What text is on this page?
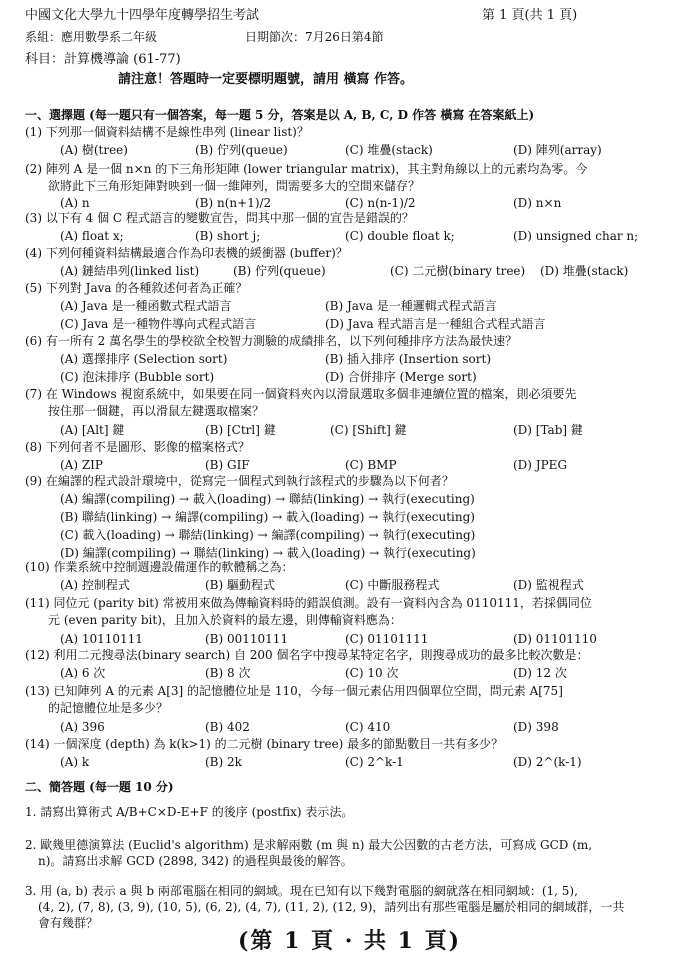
中國文化大學九十四學年度轉學招生考試	第 1 頁(共 1 頁)
系組：應用數學系二年級	日期節次：7月26日第4節
科目：計算機導論 (61-77)
請注意！答題時一定要標明題號，請用 橫寫 作答。
一、選擇題 (每一題只有一個答案，每一題 5 分，答案是以 A, B, C, D 作答 橫寫 在答案紙上)
(1) 下列那一個資料結構不是線性串列 (linear list)？
(A) 樹(tree)	(B) 佇列(queue)	(C) 堆疊(stack)	(D) 陣列(array)
(2) 陣列 A 是一個 n×n 的下三角形矩陣 (lower triangular matrix)，其主對角線以上的元素均為零。今
欲將此下三角形矩陣對映到一個一維陣列，問需要多大的空間來儲存？
(A) n	(B) n(n+1)/2	(C) n(n-1)/2	(D) n×n
(3) 以下有 4 個 C 程式語言的變數宣告，問其中那一個的宣告是錯誤的？
(A) float x;	(B) short j;	(C) double float k;	(D) unsigned char n;
(4) 下列何種資料結構最適合作為印表機的緩衝器 (buffer)？
(A) 鏈結串列(linked list)	(B) 佇列(queue)	(C) 二元樹(binary tree) (D) 堆疊(stack)
(5) 下列對 Java 的各種敘述何者為正確？
(A) Java 是一種函數式程式語言	(B) Java 是一種邏輯式程式語言
(C) Java 是一種物件導向式程式語言	(D) Java 程式語言是一種組合式程式語言
(6) 有一所有 2 萬名學生的學校欲全校智力測驗的成績排名，以下列何種排序方法為最快速？
(A) 選擇排序 (Selection sort)	(B) 插入排序 (Insertion sort)
(C) 泡沫排序 (Bubble sort)	(D) 合併排序 (Merge sort)
(7) 在 Windows 視窗系統中，如果要在同一個資料夾內以滑鼠選取多個非連續位置的檔案，則必須要先
按住那一個鍵，再以滑鼠左鍵選取檔案？
(A) [Alt] 鍵	(B) [Ctrl] 鍵	(C) [Shift] 鍵	(D) [Tab] 鍵
(8) 下列何者不是圖形、影像的檔案格式？
(A) ZIP	(B) GIF	(C) BMP	(D) JPEG
(9) 在編譯的程式設計環境中，從寫完一個程式到執行該程式的步驟為以下何者？
(A) 編譯(compiling) → 載入(loading) → 聯結(linking) → 執行(executing)
(B) 聯結(linking) → 編譯(compiling) → 載入(loading) → 執行(executing)
(C) 載入(loading) → 聯結(linking) → 編譯(compiling) → 執行(executing)
(D) 編譯(compiling) → 聯結(linking) → 載入(loading) → 執行(executing)
(10) 作業系統中控制週邊設備運作的軟體稱之為：
(A) 控制程式	(B) 驅動程式	(C) 中斷服務程式	(D) 監視程式
(11) 同位元 (parity bit) 常被用來做為傳輸資料時的錯誤偵測。設有一資料內含為 0110111，若採偶同位
元 (even parity bit)，且加入於資料的最左邊，則傳輸資料應為：
(A) 10110111	(B) 00110111	(C) 01101111	(D) 01101110
(12) 利用二元搜尋法(binary search) 自 200 個名字中搜尋某特定名字，則搜尋成功的最多比較次數是：
(A) 6 次	(B) 8 次	(C) 10 次	(D) 12 次
(13) 已知陣列 A 的元素 A[3] 的記憶體位址是 110，今每一個元素佔用四個單位空間，問元素 A[75]
的記憶體位址是多少？
(A) 396	(B) 402	(C) 410	(D) 398
(14) 一個深度 (depth) 為 k(k>1) 的二元樹 (binary tree) 最多的節點數目一共有多少？
(A) k	(B) 2k	(C) 2^k-1	(D) 2^(k-1)
二、簡答題 (每一題 10 分)
1. 請寫出算術式 A/B+C×D-E+F 的後序 (postfix) 表示法。
2. 歐幾里德演算法 (Euclid's algorithm) 是求解兩數 (m 與 n) 最大公因數的古老方法，可寫成 GCD (m,
n)。請寫出求解 GCD (2898, 342) 的過程與最後的解答。
3. 用 (a, b) 表示 a 與 b 兩部電腦在相同的網域。現在已知有以下幾對電腦的網就落在相同網域：(1, 5),
(4, 2), (7, 8), (3, 9), (10, 5), (6, 2), (4, 7), (11, 2), (12, 9)，請列出有那些電腦是屬於相同的網域群，一共
會有幾群？
(第 1 頁 · 共 1 頁)
